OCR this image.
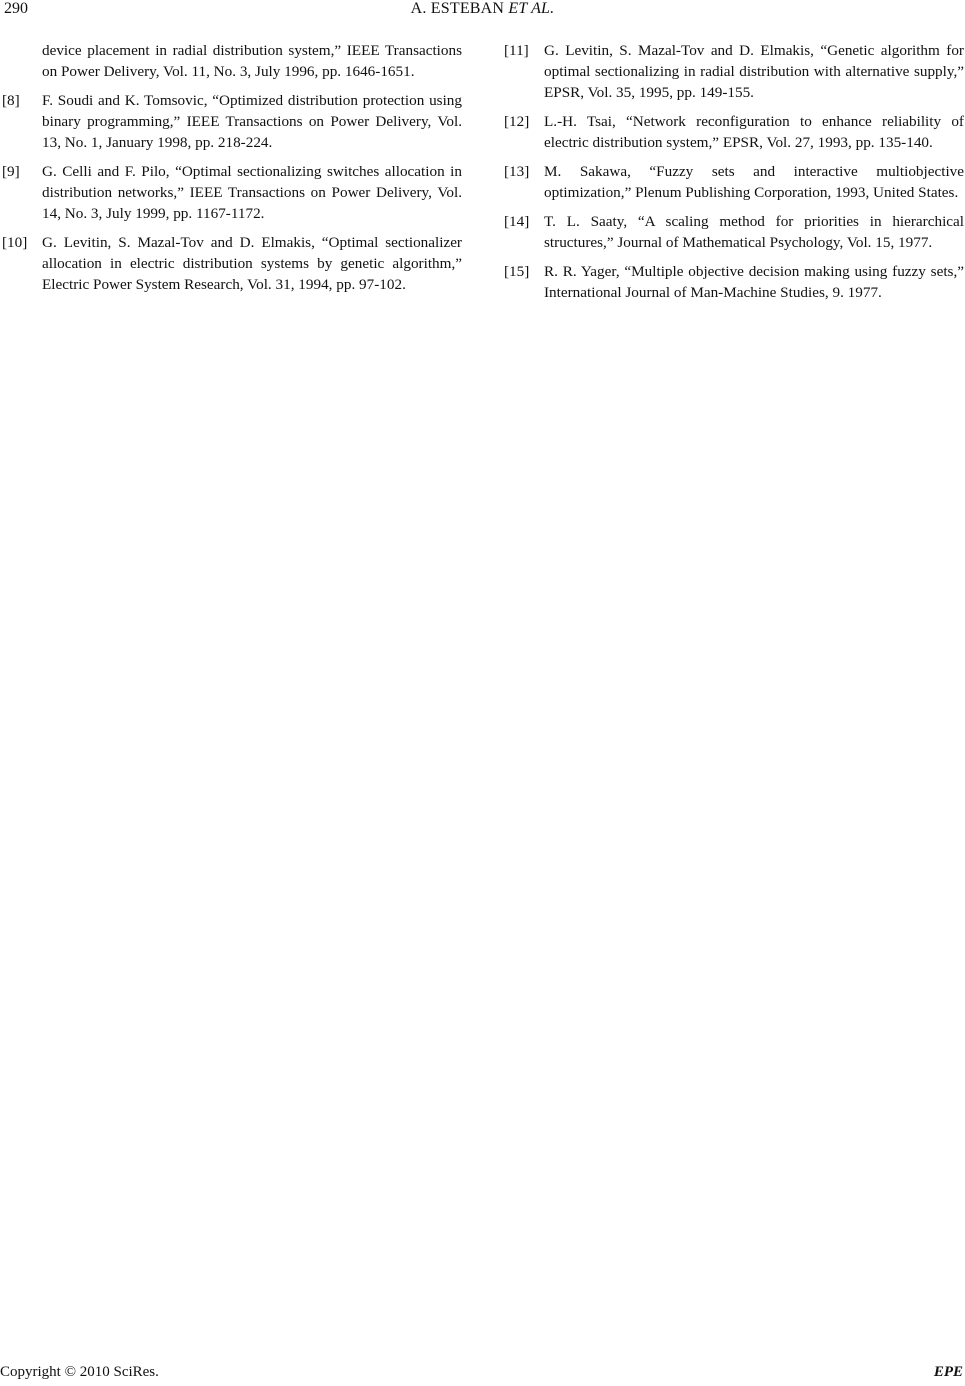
290	A. ESTEBAN ET AL.
device placement in radial distribution system,” IEEE Transactions on Power Delivery, Vol. 11, No. 3, July 1996, pp. 1646-1651.
[8]	F. Soudi and K. Tomsovic, “Optimized distribution protection using binary programming,” IEEE Transactions on Power Delivery, Vol. 13, No. 1, January 1998, pp. 218-224.
[9]	G. Celli and F. Pilo, “Optimal sectionalizing switches allocation in distribution networks,” IEEE Transactions on Power Delivery, Vol. 14, No. 3, July 1999, pp. 1167-1172.
[10] G. Levitin, S. Mazal-Tov and D. Elmakis, “Optimal sectionalizer allocation in electric distribution systems by genetic algorithm,” Electric Power System Research, Vol. 31, 1994, pp. 97-102.
[11]	G. Levitin, S. Mazal-Tov and D. Elmakis, “Genetic algorithm for optimal sectionalizing in radial distribution with alternative supply,” EPSR, Vol. 35, 1995, pp. 149-155.
[12] L.-H. Tsai, “Network reconfiguration to enhance reliability of electric distribution system,” EPSR, Vol. 27, 1993, pp. 135-140.
[13] M. Sakawa, “Fuzzy sets and interactive multiobjective optimization,” Plenum Publishing Corporation, 1993, United States.
[14] T. L. Saaty, “A scaling method for priorities in hierarchical structures,” Journal of Mathematical Psychology, Vol. 15, 1977.
[15] R. R. Yager, “Multiple objective decision making using fuzzy sets,” International Journal of Man-Machine Studies, 9. 1977.
Copyright © 2010 SciRes.	EPE
